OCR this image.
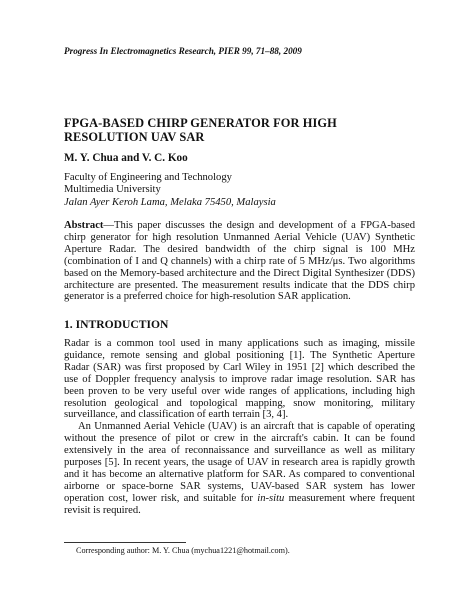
Progress In Electromagnetics Research, PIER 99, 71–88, 2009
FPGA-BASED CHIRP GENERATOR FOR HIGH
RESOLUTION UAV SAR
M. Y. Chua and V. C. Koo
Faculty of Engineering and Technology
Multimedia University
Jalan Ayer Keroh Lama, Melaka 75450, Malaysia
Abstract—This paper discusses the design and development of a FPGA-based chirp generator for high resolution Unmanned Aerial Vehicle (UAV) Synthetic Aperture Radar. The desired bandwidth of the chirp signal is 100 MHz (combination of I and Q channels) with a chirp rate of 5 MHz/μs. Two algorithms based on the Memory-based architecture and the Direct Digital Synthesizer (DDS) architecture are presented. The measurement results indicate that the DDS chirp generator is a preferred choice for high-resolution SAR application.
1. INTRODUCTION

Radar is a common tool used in many applications such as imaging, missile guidance, remote sensing and global positioning [1]. The Synthetic Aperture Radar (SAR) was first proposed by Carl Wiley in 1951 [2] which described the use of Doppler frequency analysis to improve radar image resolution. SAR has been proven to be very useful over wide ranges of applications, including high resolution geological and topological mapping, snow monitoring, military surveillance, and classification of earth terrain [3, 4].

An Unmanned Aerial Vehicle (UAV) is an aircraft that is capable of operating without the presence of pilot or crew in the aircraft's cabin. It can be found extensively in the area of reconnaissance and surveillance as well as military purposes [5]. In recent years, the usage of UAV in research area is rapidly growth and it has become an alternative platform for SAR. As compared to conventional airborne or space-borne SAR systems, UAV-based SAR system has lower operation cost, lower risk, and suitable for in-situ measurement where frequent revisit is required.

Corresponding author: M. Y. Chua (mychua1221@hotmail.com).
